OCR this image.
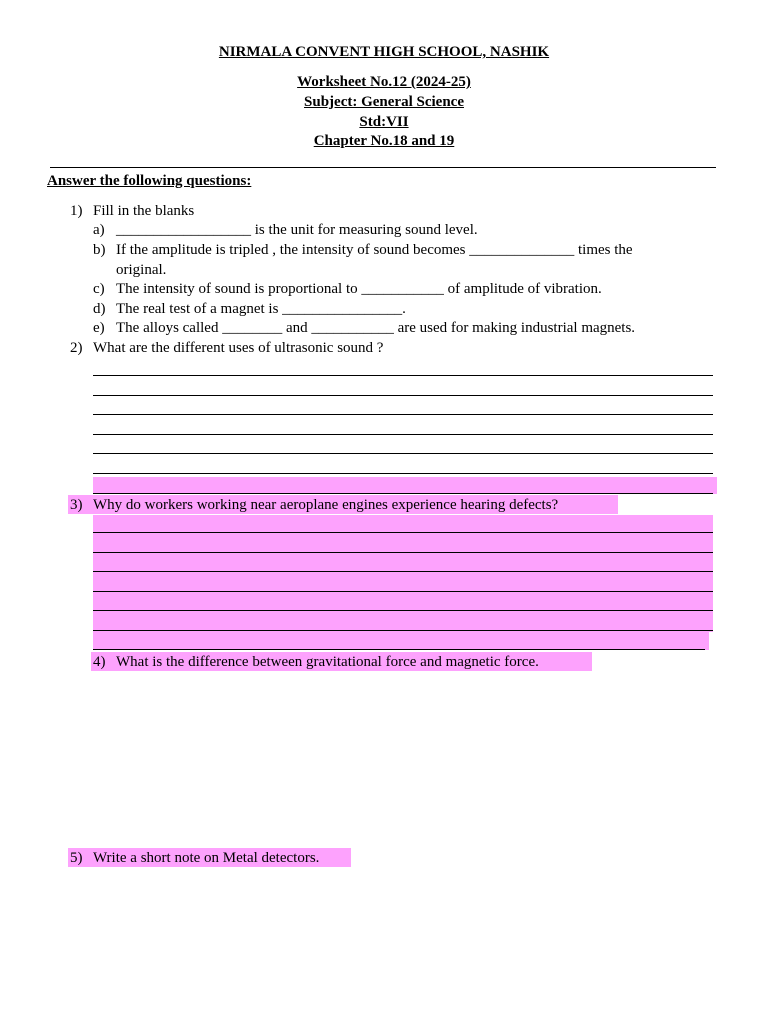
NIRMALA CONVENT HIGH SCHOOL, NASHIK
Worksheet No.12 (2024-25)
Subject: General Science
Std:VII
Chapter No.18 and 19
Answer the following questions:
1) Fill in the blanks
a) __________________ is the unit for measuring sound level.
b) If the amplitude is tripled , the intensity of sound becomes ______________ times the
original.
c) The intensity of sound is proportional to ___________ of amplitude of vibration.
d) The real test of a magnet is ________________.
e) The alloys called ________ and ___________ are used for making industrial magnets.
2) What are the different uses of ultrasonic sound ?
3) Why do workers working near aeroplane engines experience hearing defects?
4) What is the difference between gravitational force and magnetic force.
5) Write a short note on Metal detectors.
